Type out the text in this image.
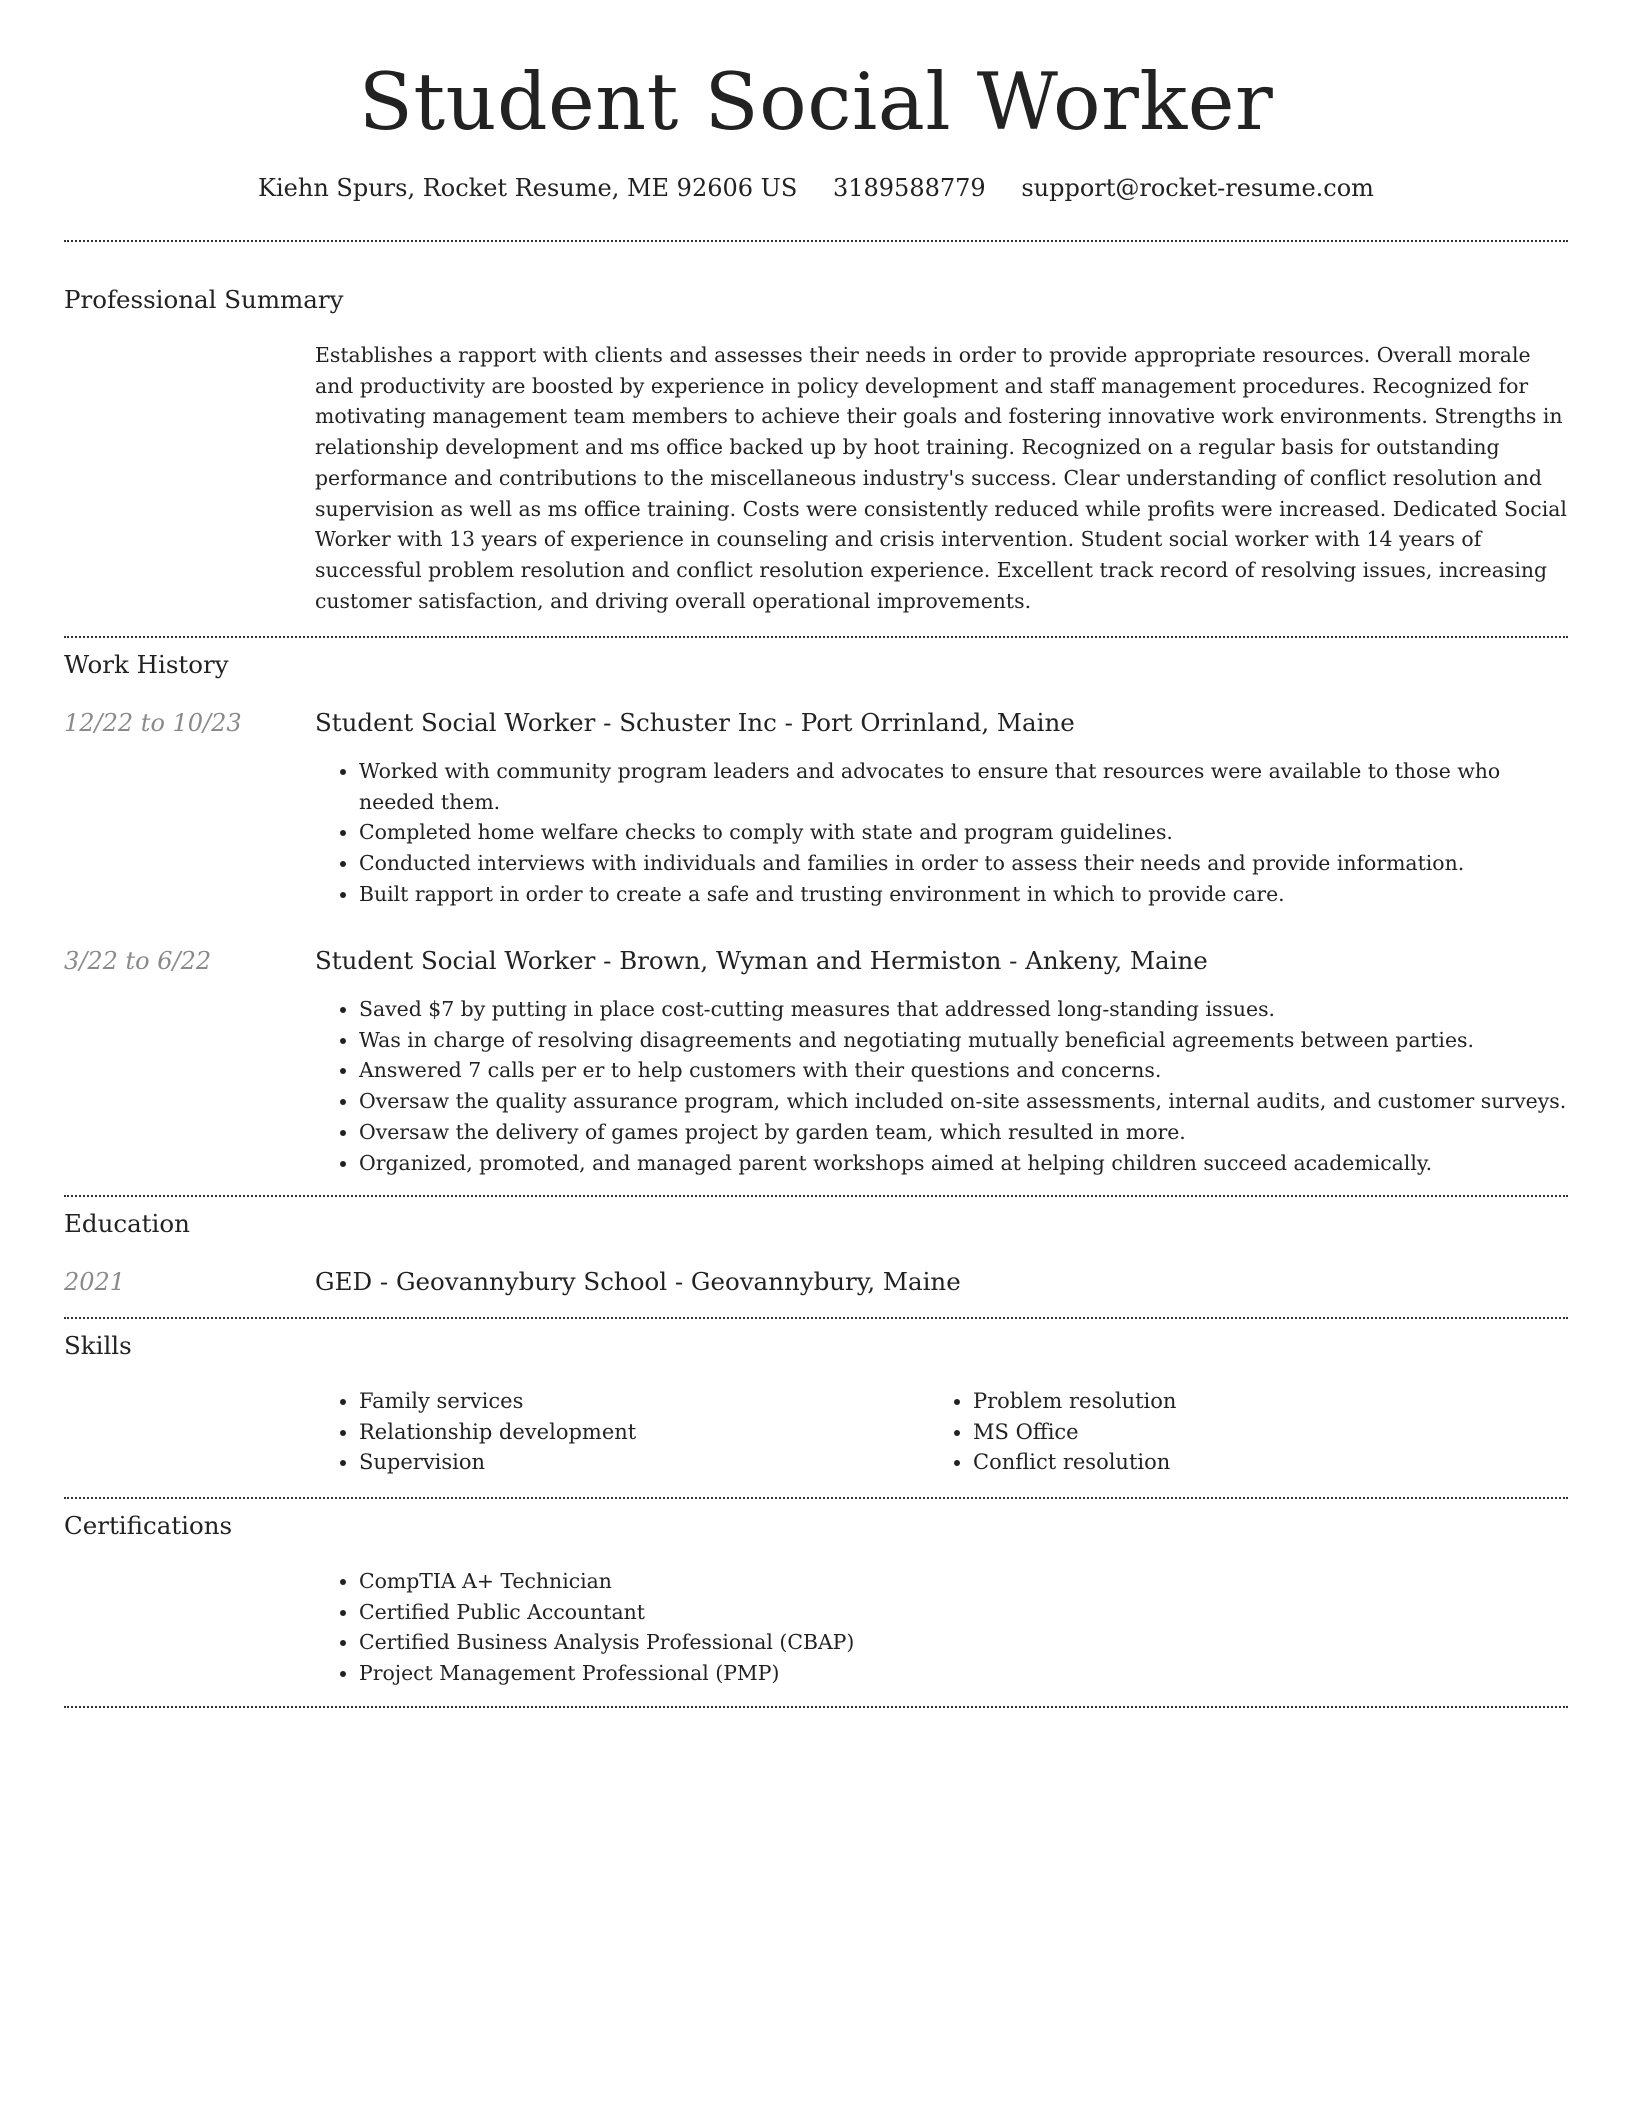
Student Social Worker
Kiehn Spurs, Rocket Resume, ME 92606 US 3189588779 support@rocket-resume.com
Professional Summary
Establishes a rapport with clients and assesses their needs in order to provide appropriate resources. Overall morale and productivity are boosted by experience in policy development and staff management procedures. Recognized for motivating management team members to achieve their goals and fostering innovative work environments. Strengths in relationship development and ms office backed up by hoot training. Recognized on a regular basis for outstanding performance and contributions to the miscellaneous industry's success. Clear understanding of conflict resolution and supervision as well as ms office training. Costs were consistently reduced while profits were increased. Dedicated Social Worker with 13 years of experience in counseling and crisis intervention. Student social worker with 14 years of successful problem resolution and conflict resolution experience. Excellent track record of resolving issues, increasing customer satisfaction, and driving overall operational improvements.
Work History
12/22 to 10/23	Student Social Worker - Schuster Inc - Port Orrinland, Maine
• Worked with community program leaders and advocates to ensure that resources were available to those who needed them.
• Completed home welfare checks to comply with state and program guidelines.
• Conducted interviews with individuals and families in order to assess their needs and provide information.
• Built rapport in order to create a safe and trusting environment in which to provide care.
3/22 to 6/22	Student Social Worker - Brown, Wyman and Hermiston - Ankeny, Maine
• Saved $7 by putting in place cost-cutting measures that addressed long-standing issues.
• Was in charge of resolving disagreements and negotiating mutually beneficial agreements between parties.
• Answered 7 calls per er to help customers with their questions and concerns.
• Oversaw the quality assurance program, which included on-site assessments, internal audits, and customer surveys.
• Oversaw the delivery of games project by garden team, which resulted in more.
• Organized, promoted, and managed parent workshops aimed at helping children succeed academically.
Education
2021	GED - Geovannybury School - Geovannybury, Maine
Skills
• Family services
• Relationship development
• Supervision
• Problem resolution
• MS Office
• Conflict resolution
Certifications
• CompTIA A+ Technician
• Certified Public Accountant
• Certified Business Analysis Professional (CBAP)
• Project Management Professional (PMP)
